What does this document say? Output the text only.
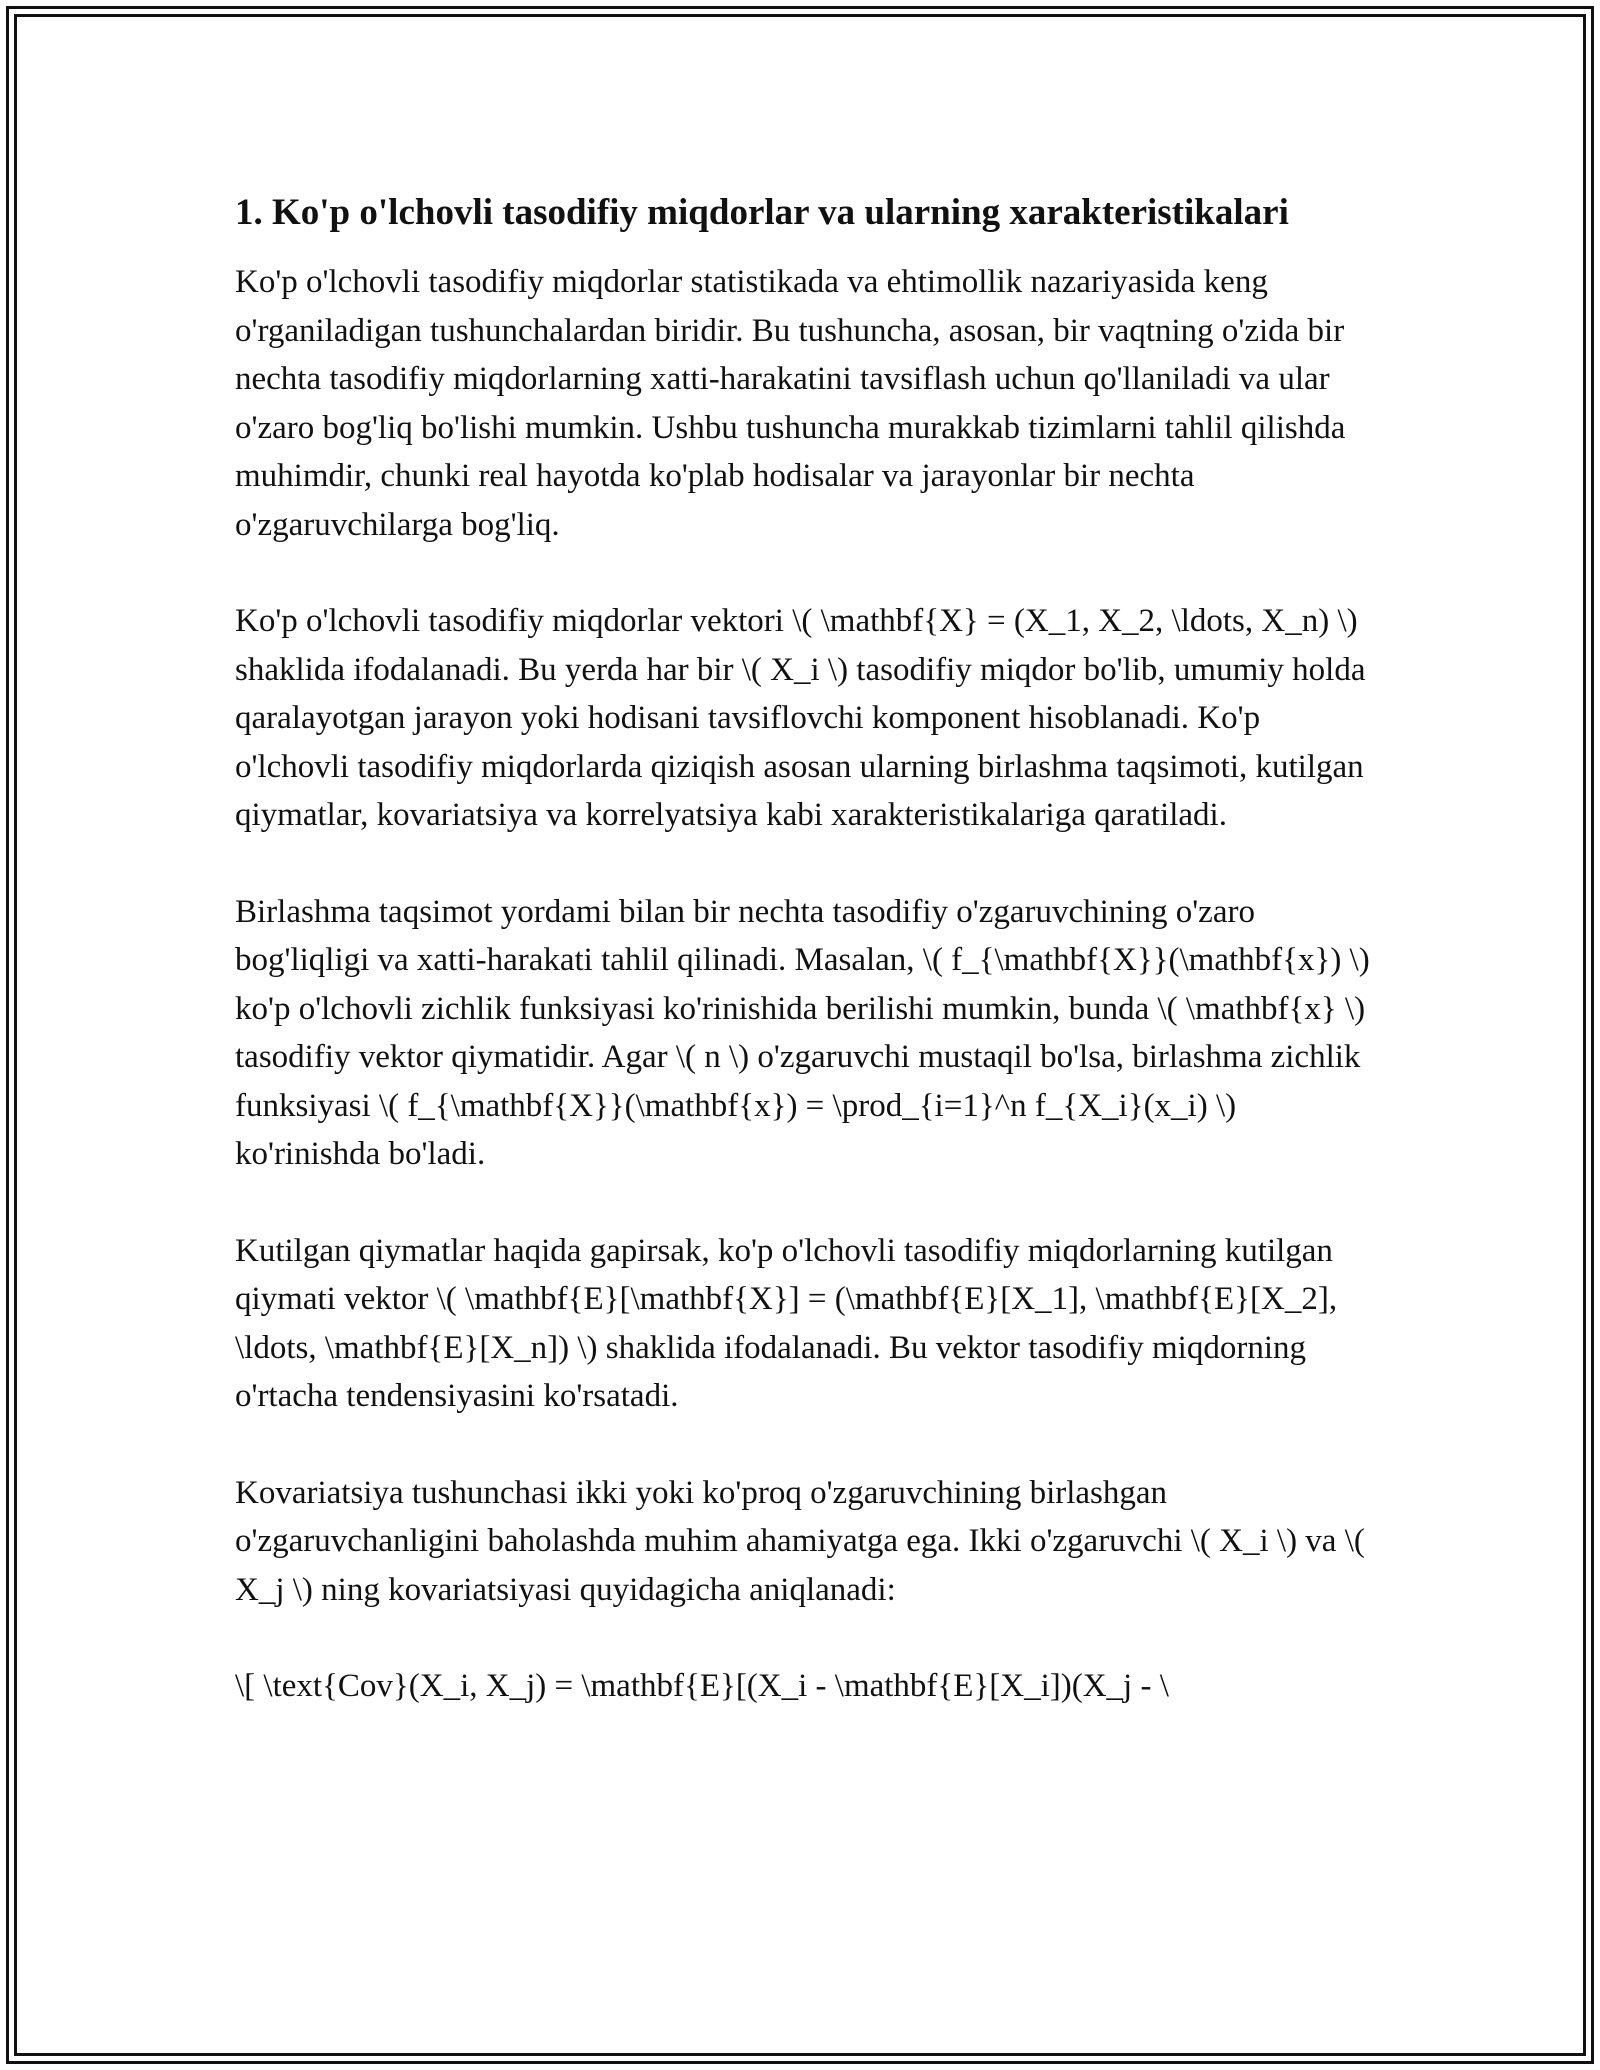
1. Ko'p o'lchovli tasodifiy miqdorlar va ularning xarakteristikalari

Ko'p o'lchovli tasodifiy miqdorlar statistikada va ehtimollik nazariyasida keng o'rganiladigan tushunchalardan biridir. Bu tushuncha, asosan, bir vaqtning o'zida bir nechta tasodifiy miqdorlarning xatti-harakatini tavsiflash uchun qo'llaniladi va ular o'zaro bog'liq bo'lishi mumkin. Ushbu tushuncha murakkab tizimlarni tahlil qilishda muhimdir, chunki real hayotda ko'plab hodisalar va jarayonlar bir nechta o'zgaruvchilarga bog'liq.

Ko'p o'lchovli tasodifiy miqdorlar vektori \( \mathbf{X} = (X_1, X_2, \ldots, X_n) \) shaklida ifodalanadi. Bu yerda har bir \( X_i \) tasodifiy miqdor bo'lib, umumiy holda qaralayotgan jarayon yoki hodisani tavsiflovchi komponent hisoblanadi. Ko'p o'lchovli tasodifiy miqdorlarda qiziqish asosan ularning birlashma taqsimoti, kutilgan qiymatlar, kovariatsiya va korrelyatsiya kabi xarakteristikalariga qaratiladi.

Birlashma taqsimot yordami bilan bir nechta tasodifiy o'zgaruvchining o'zaro bog'liqligi va xatti-harakati tahlil qilinadi. Masalan, \( f_{\mathbf{X}}(\mathbf{x}) \) ko'p o'lchovli zichlik funksiyasi ko'rinishida berilishi mumkin, bunda \( \mathbf{x} \) tasodifiy vektor qiymatidir. Agar \( n \) o'zgaruvchi mustaqil bo'lsa, birlashma zichlik funksiyasi \( f_{\mathbf{X}}(\mathbf{x}) = \prod_{i=1}^n f_{X_i}(x_i) \) ko'rinishda bo'ladi.

Kutilgan qiymatlar haqida gapirsak, ko'p o'lchovli tasodifiy miqdorlarning kutilgan qiymati vektor \( \mathbf{E}[\mathbf{X}] = (\mathbf{E}[X_1], \mathbf{E}[X_2], \ldots, \mathbf{E}[X_n]) \) shaklida ifodalanadi. Bu vektor tasodifiy miqdorning o'rtacha tendensiyasini ko'rsatadi.

Kovariatsiya tushunchasi ikki yoki ko'proq o'zgaruvchining birlashgan o'zgaruvchanligini baholashda muhim ahamiyatga ega. Ikki o'zgaruvchi \( X_i \) va \( X_j \) ning kovariatsiyasi quyidagicha aniqlanadi:

\[ \text{Cov}(X_i, X_j) = \mathbf{E}[(X_i - \mathbf{E}[X_i])(X_j - \
